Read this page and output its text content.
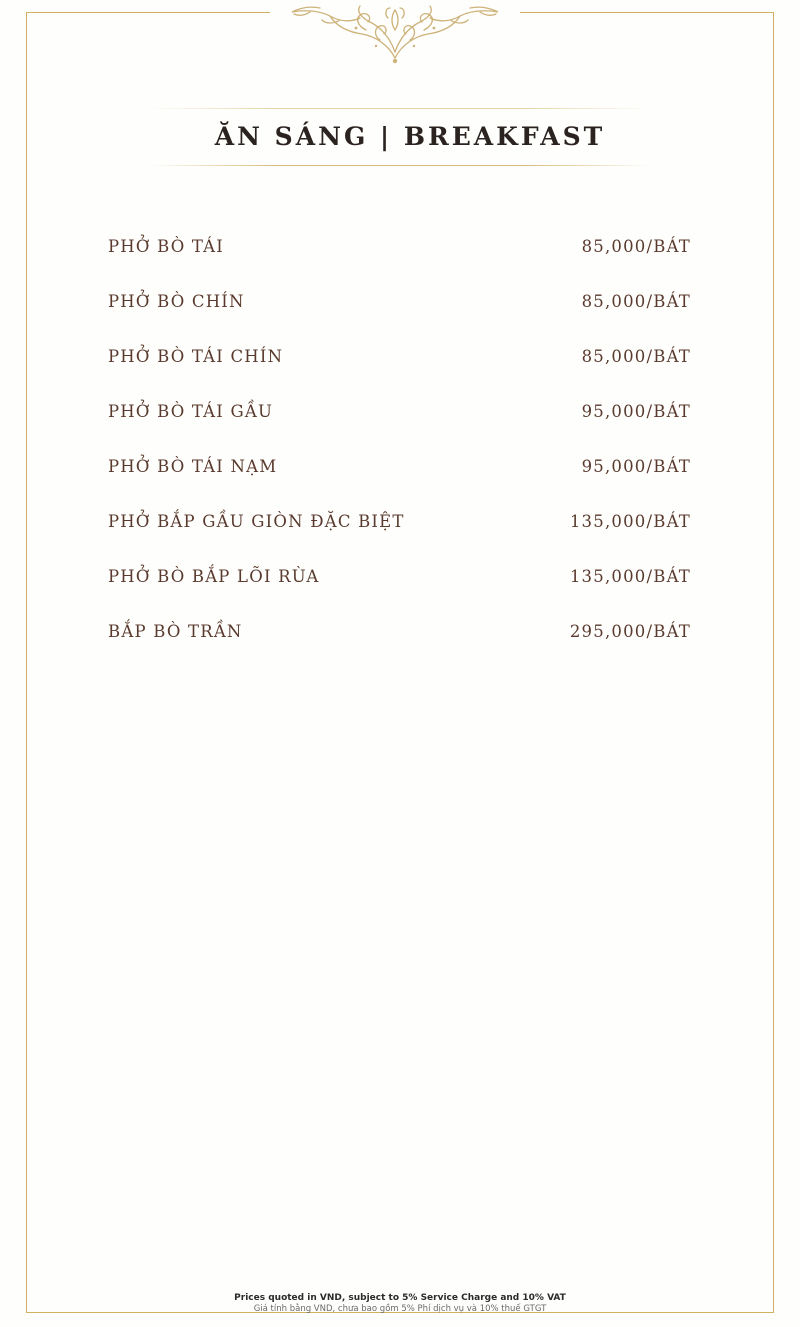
ĂN SÁNG | BREAKFAST
PHỞ BÒ TÁI	85,000/BÁT
PHỞ BÒ CHÍN	85,000/BÁT
PHỞ BÒ TÁI CHÍN	85,000/BÁT
PHỞ BÒ TÁI GẦU	95,000/BÁT
PHỞ BÒ TÁI NẠM	95,000/BÁT
PHỞ BẮP GẦU GIÒN ĐẶC BIỆT	135,000/BÁT
PHỞ BÒ BẮP LÕI RÙA	135,000/BÁT
BẮP BÒ TRẦN	295,000/BÁT
Prices quoted in VND, subject to 5% Service Charge and 10% VAT
Giá tính bằng VND, chưa bao gồm 5% Phí dịch vụ và 10% thuế GTGT
